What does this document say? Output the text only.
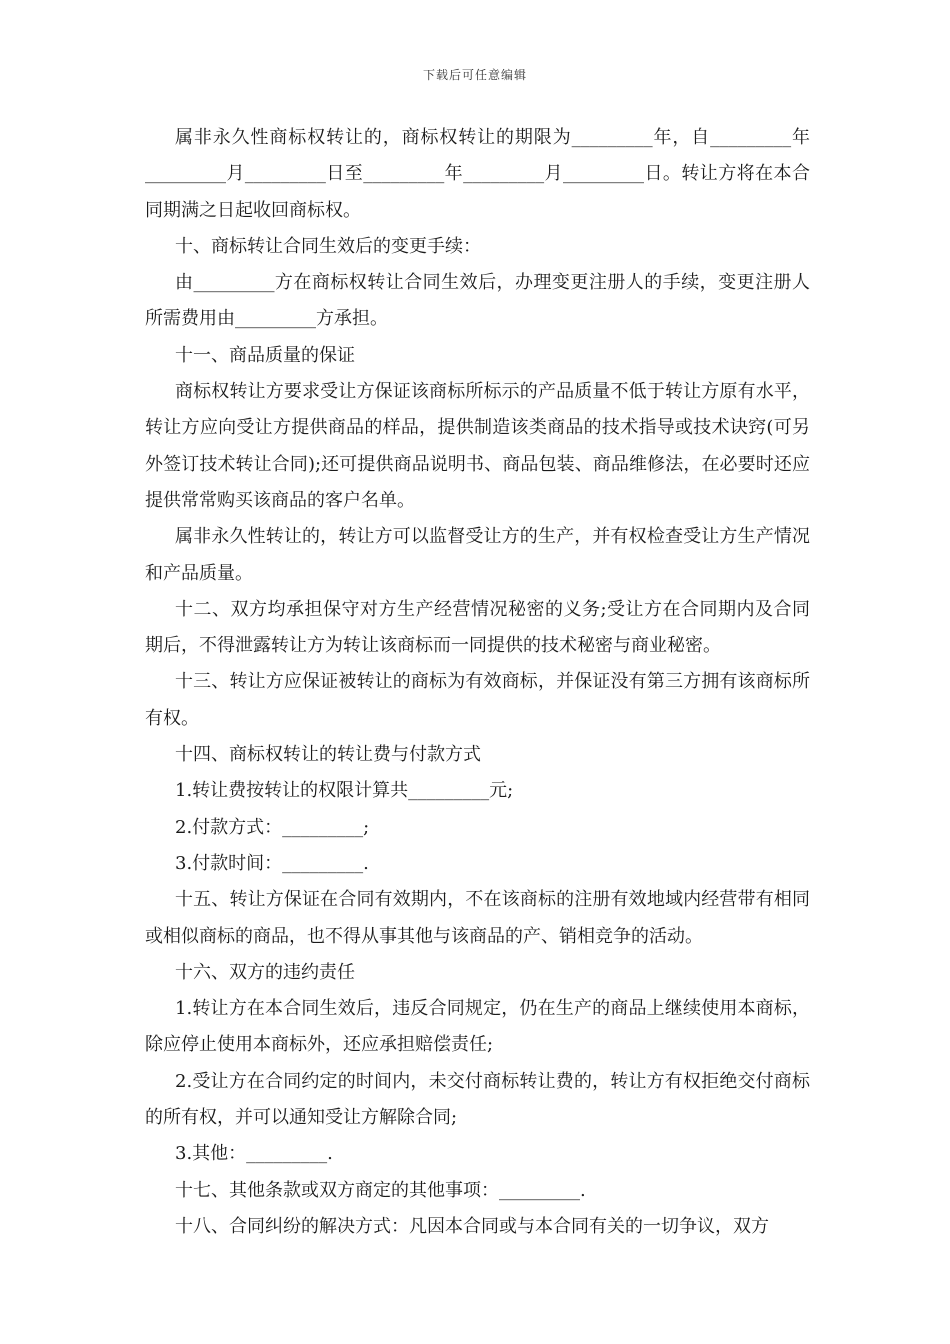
下载后可任意编辑

属非永久性商标权转让的，商标权转让的期限为_________年，自_________年_________月_________日至_________年_________月_________日。转让方将在本合同期满之日起收回商标权。

十、商标转让合同生效后的变更手续：

由_________方在商标权转让合同生效后，办理变更注册人的手续，变更注册人所需费用由_________方承担。

十一、商品质量的保证

商标权转让方要求受让方保证该商标所标示的产品质量不低于转让方原有水平，转让方应向受让方提供商品的样品，提供制造该类商品的技术指导或技术诀窍(可另外签订技术转让合同);还可提供商品说明书、商品包装、商品维修法，在必要时还应提供常常购买该商品的客户名单。

属非永久性转让的，转让方可以监督受让方的生产，并有权检查受让方生产情况和产品质量。

十二、双方均承担保守对方生产经营情况秘密的义务;受让方在合同期内及合同期后，不得泄露转让方为转让该商标而一同提供的技术秘密与商业秘密。

十三、转让方应保证被转让的商标为有效商标，并保证没有第三方拥有该商标所有权。

十四、商标权转让的转让费与付款方式

1.转让费按转让的权限计算共_________元;

2.付款方式：_________;

3.付款时间：_________.

十五、转让方保证在合同有效期内，不在该商标的注册有效地域内经营带有相同或相似商标的商品，也不得从事其他与该商品的产、销相竞争的活动。

十六、双方的违约责任

1.转让方在本合同生效后，违反合同规定，仍在生产的商品上继续使用本商标，除应停止使用本商标外，还应承担赔偿责任;

2.受让方在合同约定的时间内，未交付商标转让费的，转让方有权拒绝交付商标的所有权，并可以通知受让方解除合同;

3.其他：_________.

十七、其他条款或双方商定的其他事项：_________.

十八、合同纠纷的解决方式：凡因本合同或与本合同有关的一切争议，双方
